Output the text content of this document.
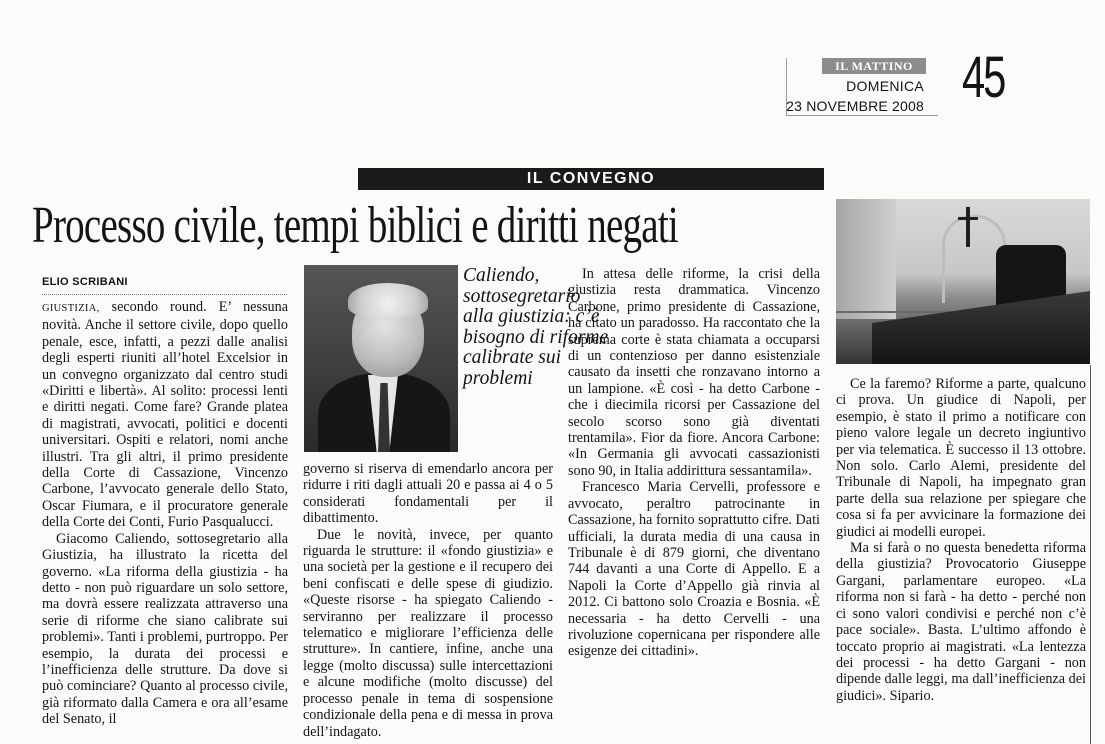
IL MATTINO
DOMENICA
23 NOVEMBRE 2008 45
IL CONVEGNO
Processo civile, tempi biblici e diritti negati
ELIO SCRIBANI

GIUSTIZIA, secondo round. E’ nessuna novità. Anche il settore civile, dopo quello penale, esce, infatti, a pezzi dalle analisi degli esperti riuniti all’hotel Excelsior in un convegno organizzato dal centro studi «Diritti e libertà». Al solito: processi lenti e diritti negati. Come fare? Grande platea di magistrati, avvocati, politici e docenti universitari. Ospiti e relatori, nomi anche illustri. Tra gli altri, il primo presidente della Corte di Cassazione, Vincenzo Carbone, l’avvocato generale dello Stato, Oscar Fiumara, e il procuratore generale della Corte dei Conti, Furio Pasqualucci.

Giacomo Caliendo, sottosegretario alla Giustizia, ha illustrato la ricetta del governo. «La riforma della giustizia - ha detto - non può riguardare un solo settore, ma dovrà essere realizzata attraverso una serie di riforme che siano calibrate sui problemi». Tanti i problemi, purtroppo. Per esempio, la durata dei processi e l’inefficienza delle strutture. Da dove si può cominciare? Quanto al processo civile, già riformato dalla Camera e ora all’esame del Senato, il

Caliendo, sottosegretario alla giustizia: c’è bisogno di riforme calibrate sui problemi

governo si riserva di emendarlo ancora per ridurre i riti dagli attuali 20 e passa ai 4 o 5 considerati fondamentali per il dibattimento.

Due le novità, invece, per quanto riguarda le strutture: il «fondo giustizia» e una società per la gestione e il recupero dei beni confiscati e delle spese di giudizio. «Queste risorse - ha spiegato Caliendo - serviranno per realizzare il processo telematico e migliorare l’efficienza delle strutture». In cantiere, infine, anche una legge (molto discussa) sulle intercettazioni e alcune modifiche (molto discusse) del processo penale in tema di sospensione condizionale della pena e di messa in prova dell’indagato.

In attesa delle riforme, la crisi della giustizia resta drammatica. Vincenzo Carbone, primo presidente di Cassazione, ha citato un paradosso. Ha raccontato che la suprema corte è stata chiamata a occuparsi di un contenzioso per danno esistenziale causato da insetti che ronzavano intorno a un lampione. «È così - ha detto Carbone - che i diecimila ricorsi per Cassazione del secolo scorso sono già diventati trentamila». Fior da fiore. Ancora Carbone: «In Germania gli avvocati cassazionisti sono 90, in Italia addirittura sessantamila».

Francesco Maria Cervelli, professore e avvocato, peraltro patrocinante in Cassazione, ha fornito soprattutto cifre. Dati ufficiali, la durata media di una causa in Tribunale è di 879 giorni, che diventano 744 davanti a una Corte di Appello. E a Napoli la Corte d’Appello già rinvia al 2012. Ci battono solo Croazia e Bosnia. «È necessaria - ha detto Cervelli - una rivoluzione copernicana per rispondere alle esigenze dei cittadini».

Ce la faremo? Riforme a parte, qualcuno ci prova. Un giudice di Napoli, per esempio, è stato il primo a notificare con pieno valore legale un decreto ingiuntivo per via telematica. È successo il 13 ottobre. Non solo. Carlo Alemi, presidente del Tribunale di Napoli, ha impegnato gran parte della sua relazione per spiegare che cosa si fa per avvicinare la formazione dei giudici ai modelli europei.

Ma si farà o no questa benedetta riforma della giustizia? Provocatorio Giuseppe Gargani, parlamentare europeo. «La riforma non si farà - ha detto - perché non ci sono valori condivisi e perché non c’è pace sociale». Basta. L’ultimo affondo è toccato proprio ai magistrati. «La lentezza dei processi - ha detto Gargani - non dipende dalle leggi, ma dall’inefficienza dei giudici». Sipario.
